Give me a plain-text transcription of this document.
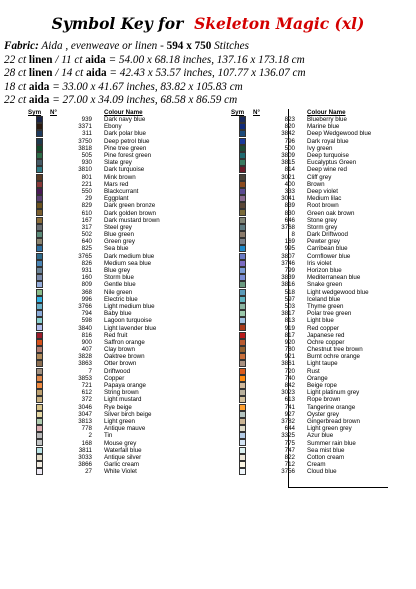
Symbol Key for Skeleton Magic (xl)
Fabric: Aida , evenweave or linen - 594 x 750 Stitches
22 ct linen / 11 ct aida = 54.00 x 68.18 inches, 137.16 x 173.18 cm
28 ct linen / 14 ct aida = 42.43 x 53.57 inches, 107.77 x 136.07 cm
18 ct aida = 33.00 x 41.67 inches, 83.82 x 105.83 cm
22 ct aida = 27.00 x 34.09 inches, 68.58 x 86.59 cm
Sym	N°	Colour Name
	939	Dark navy blue
	3371	Ebony
	311	Dark polar blue
	3750	Deep petrol blue
	3818	Pine tree green
	505	Pine forest green
	930	Slate grey
	3810	Dark turquoise
	801	Mink brown
	221	Mars red
	550	Blackcurrant
	29	Eggplant
	829	Dark green bronze
	610	Dark golden brown
	167	Dark mustard brown
	317	Steel grey
	502	Blue green
	640	Green grey
	825	Sea blue
	3765	Dark medium blue
	826	Medium sea blue
	931	Blue grey
	160	Storm blue
	809	Gentle blue
	368	Nile green
	996	Electric blue
	3766	Light medium blue
	794	Baby blue
	598	Lagoon turquoise
	3840	Light lavender blue
	816	Red fruit
	900	Saffron orange
	407	Clay brown
	3828	Oaktree brown
	3863	Otter brown
	7	Driftwood
	3853	Copper
	721	Papaya orange
	612	String brown
	372	Light mustard
	3046	Rye beige
	3047	Silver birch beige
	3813	Light green
	778	Antique mauve
	2	Tin
	168	Mouse grey
	3811	Waterfall blue
	3033	Antique silver
	3866	Garlic cream
	27	White Violet
Sym	N°	Colour Name
	823	Blueberry blue
	820	Marine blue
	3842	Deep Wedgewood blue
	796	Dark royal blue
	500	Ivy green
	3809	Deep turquoise
	3815	Eucalyptus Green
	814	Deep wine red
	3021	Cliff grey
	400	Brown
	333	Deep violet
	3041	Medium lilac
	839	Root brown
	830	Green oak brown
	646	Stone grey
	3768	Storm grey
	8	Dark Driftwood
	169	Pewter grey
	995	Carribean blue
	3807	Cornflower blue
	3746	Iris violet
	799	Horizon blue
	3839	Mediterranean blue
	3816	Snake green
	518	Light wedgewood blue
	597	Iceland blue
	503	Thyme green
	3817	Polar tree green
	813	Light blue
	919	Red copper
	817	Japanese red
	920	Ochre copper
	780	Chestnut tree brown
	921	Burnt ochre orange
	3861	Light taupe
	720	Rust
	740	Orange
	842	Beige rope
	3023	Light platinum grey
	613	Rope brown
	741	Tangerine orange
	927	Oyster grey
	3782	Gingerbread brown
	644	Light green grey
	3325	Azur blue
	775	Summer rain blue
	747	Sea mist blue
	822	Cotton cream
	712	Cream
	3756	Cloud blue
